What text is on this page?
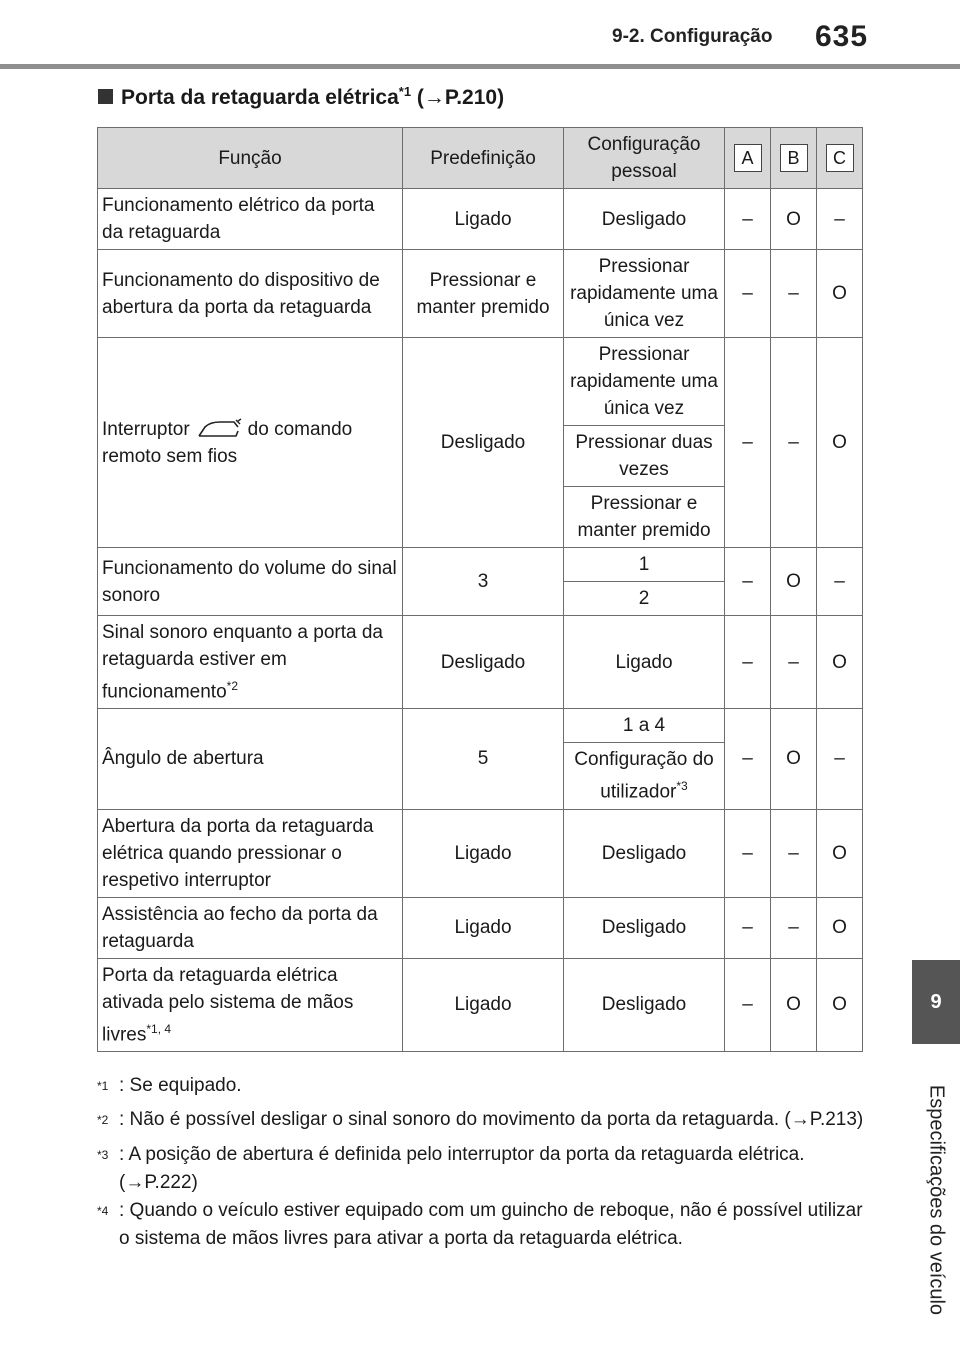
9-2. Configuração 635
9
Especificações do veículo
Porta da retaguarda elétrica$^{*1}$ (→P.210)
Função	Predefinição	Configuração pessoal	A	B	C
Funcionamento elétrico da porta da retaguarda	Ligado	Desligado	–	O	–
Funcionamento do dispositivo de abertura da porta da retaguarda	Pressionar e manter premido	Pressionar rapidamente uma única vez	–	–	O
Interruptor do comando remoto sem fios	Desligado	Pressionar rapidamente uma única vez	–	–	O
		Pressionar duas vezes			
		Pressionar e manter premido			
Funcionamento do volume do sinal sonoro	3	1	–	O	–
		2			
Sinal sonoro enquanto a porta da retaguarda estiver em funcionamento$^{*2}$	Desligado	Ligado	–	–	O
Ângulo de abertura	5	1 a 4	–	O	–
		Configuração do utilizador$^{*3}$
Abertura da porta da retaguarda elétrica quando pressionar o respetivo interruptor	Ligado	Desligado	–	–	O
Assistência ao fecho da porta da retaguarda	Ligado	Desligado	–	–	O
Porta da retaguarda elétrica ativada pelo sistema de mãos livres$^{*1, 4}$	Ligado	Desligado	–	O	O
$^{*1}$ : Se equipado.
$^{*2}$ : Não é possível desligar o sinal sonoro do movimento da porta da retaguarda. (→P.213)
$^{*3}$ : A posição de abertura é definida pelo interruptor da porta da retaguarda elétrica. (→P.222)
$^{*4}$ : Quando o veículo estiver equipado com um guincho de reboque, não é possível utilizar o sistema de mãos livres para ativar a porta da retaguarda elétrica.
